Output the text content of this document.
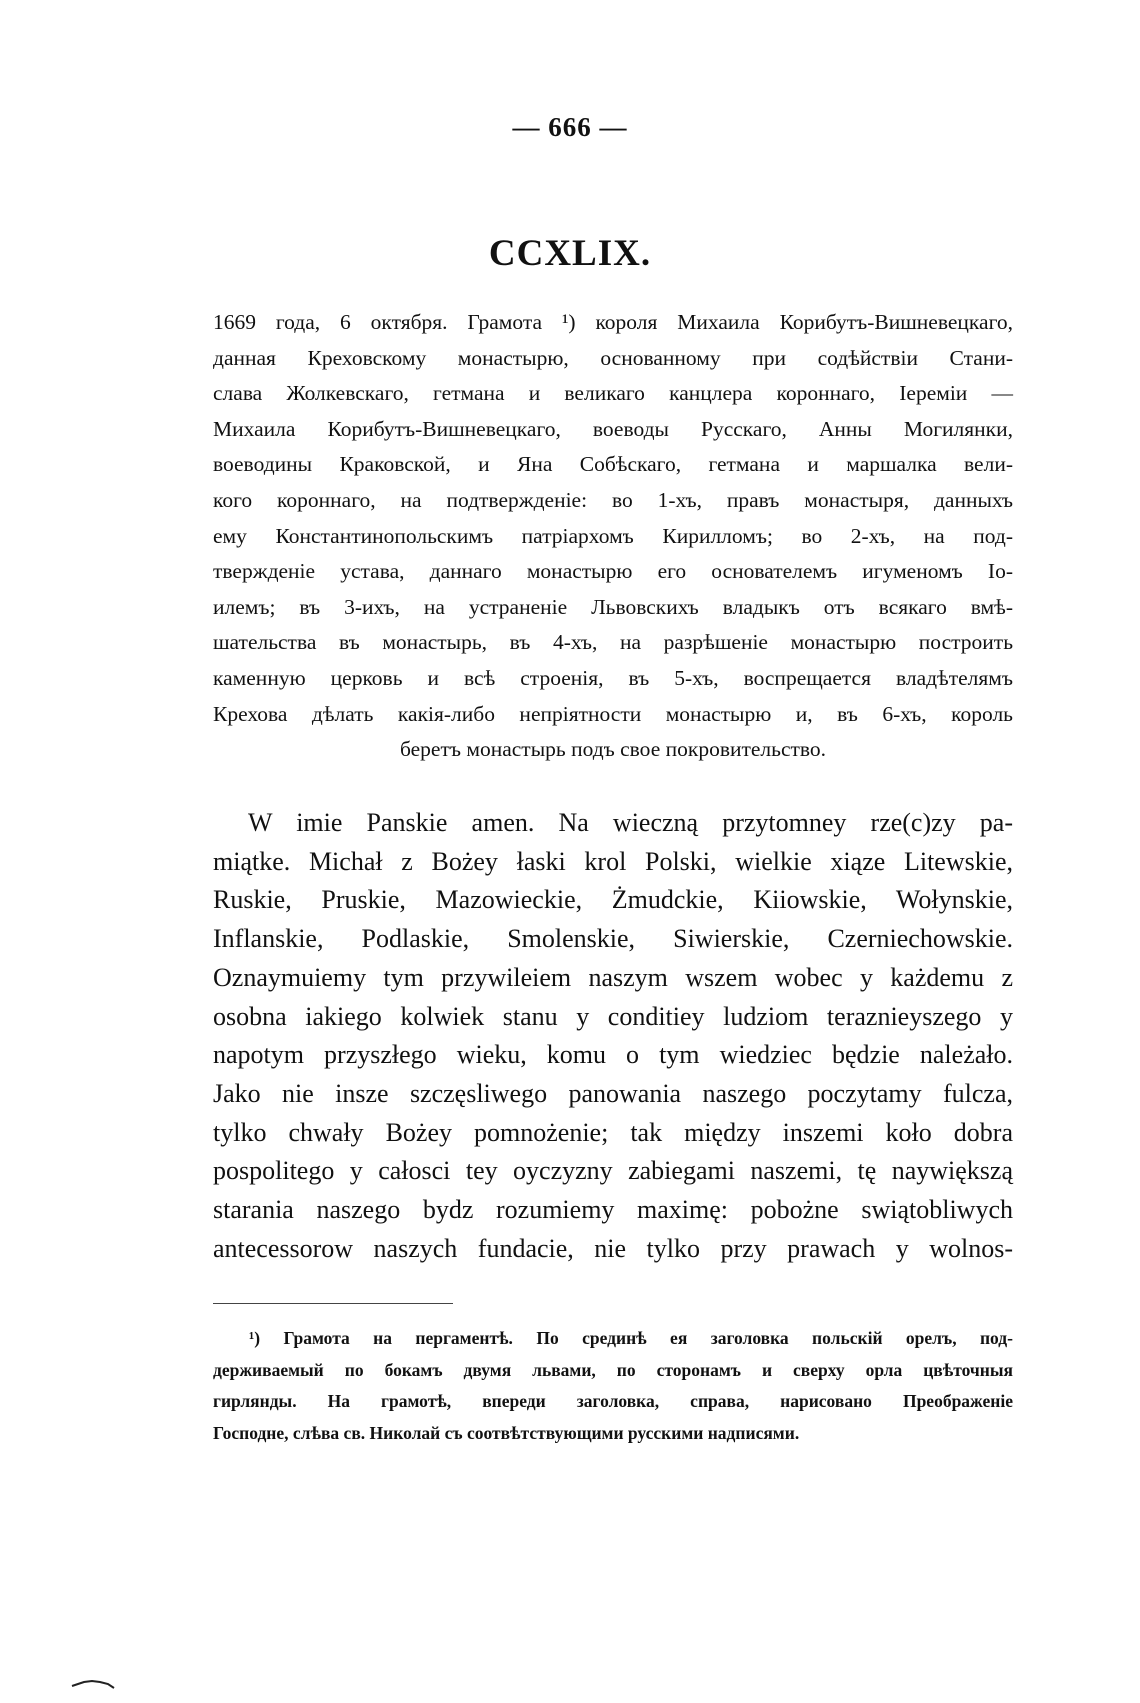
— 666 —
CCXLIX.
1669 года, 6 октября. Грамота ¹) короля Михаила Корибутъ-Вишневецкаго,
данная Креховскому монастырю, основанному при содѣйствіи Стани-
слава Жолкевскаго, гетмана и великаго канцлера короннаго, Іереміи —
Михаила Корибутъ-Вишневецкаго, воеводы Русскаго, Анны Могилянки,
воеводины Краковской, и Яна Собѣскаго, гетмана и маршалка вели-
кого короннаго, на подтвержденіе: во 1-хъ, правъ монастыря, данныхъ
ему Константинопольскимъ патріархомъ Кирилломъ; во 2-хъ, на под-
твержденіе устава, даннаго монастырю его основателемъ игуменомъ Іо-
илемъ; въ 3-ихъ, на устраненіе Львовскихъ владыкъ отъ всякаго вмѣ-
шательства въ монастырь, въ 4-хъ, на разрѣшеніе монастырю построить
каменную церковь и всѣ строенія, въ 5-хъ, воспрещается владѣтелямъ
Крехова дѣлать какія-либо непріятности монастырю и, въ 6-хъ, король
беретъ монастырь подъ свое покровительство.
W imie Panskie amen. Na wieczną przytomney rze(c)zy pa-
miątke. Michał z Bożey łaski krol Polski, wielkie xiąze Litewskie,
Ruskie, Pruskie, Mazowieckie, Żmudckie, Kiiowskie, Wołynskie,
Inflanskie, Podlaskie, Smolenskie, Siwierskie, Czerniechowskie.
Oznaymuiemy tym przywileiem naszym wszem wobec y każdemu z
osobna iakiego kolwiek stanu y conditiey ludziom teraznieyszego y
napotym przyszłego wieku, komu o tym wiedziec będzie należało.
Jako nie insze szczęsliwego panowania naszego poczytamy fulcza,
tylko chwały Bożey pomnożenie; tak między inszemi koło dobra
pospolitego y całosci tey oyczyzny zabiegami naszemi, tę naywiększą
starania naszego bydz rozumiemy maximę: pobożne swiątobliwych
antecessorow naszych fundacie, nie tylko przy prawach y wolnos-
¹) Грамота на пергаментѣ. По срединѣ ея заголовка польскій орелъ, под-
держиваемый по бокамъ двумя львами, по сторонамъ и сверху орла цвѣточныя
гирлянды. На грамотѣ, впереди заголовка, справа, нарисовано Преображеніе
Господне, слѣва св. Николай съ соотвѣтствующими русскими надписями.
